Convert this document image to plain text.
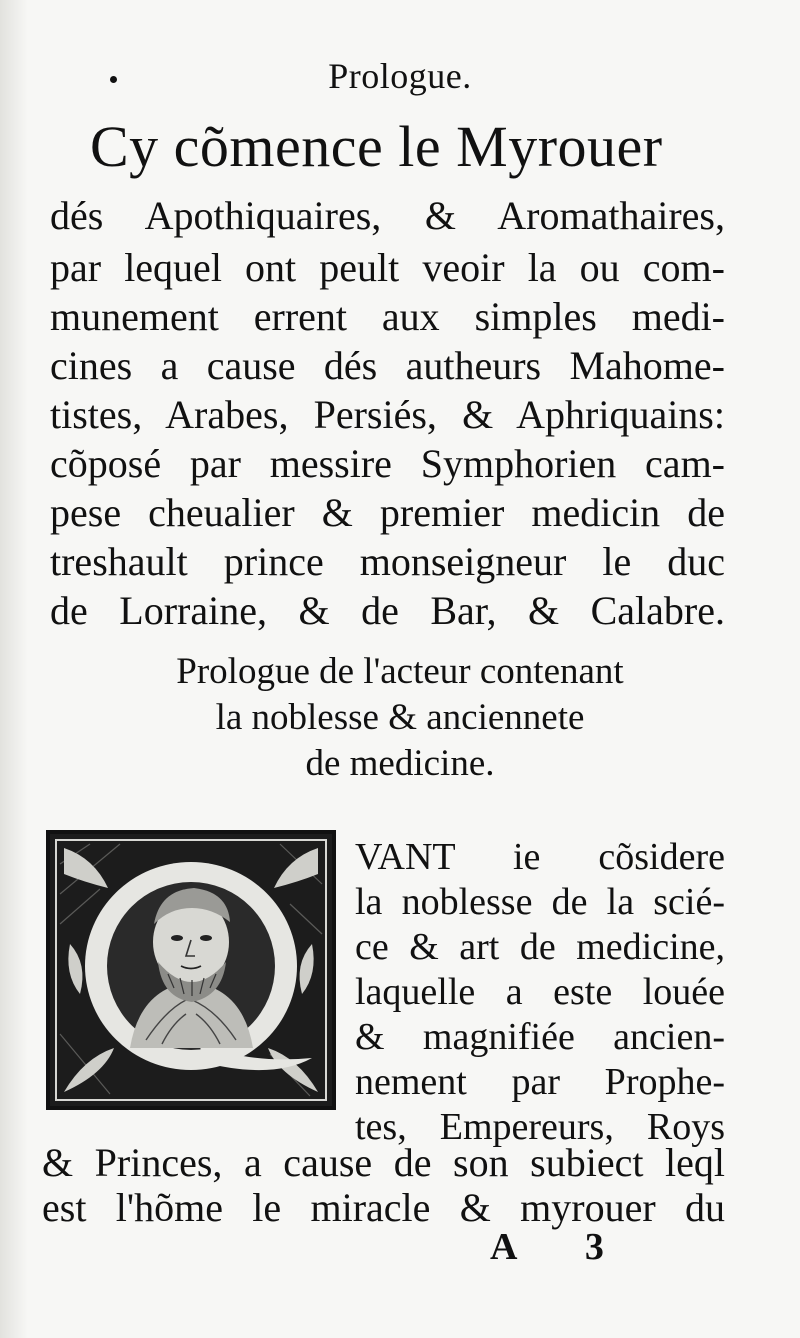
Prologue.
Cy cõmence le Myrouer
dés Apothiquaires, & Aromathaires,
par lequel ont peult veoir la ou com-
munement errent aux simples medi-
cines a cause dés autheurs Mahome-
tistes, Arabes, Persiés, & Aphriquains:
cõposé par messire Symphorien cam-
pese cheualier & premier medicin de
treshault prince monseigneur le duc
de Lorraine, & de Bar, & Calabre.
Prologue de l'acteur contenant
la noblesse & anciennete
de medicine.
VANT ie cõsidere
la noblesse de la scié-
ce & art de medicine,
laquelle a este louée
& magnifiée ancien-
nement par Prophe-
tes, Empereurs, Roys
& Princes, a cause de son subiect leql
est l'hõme le miracle & myrouer du
A 3
